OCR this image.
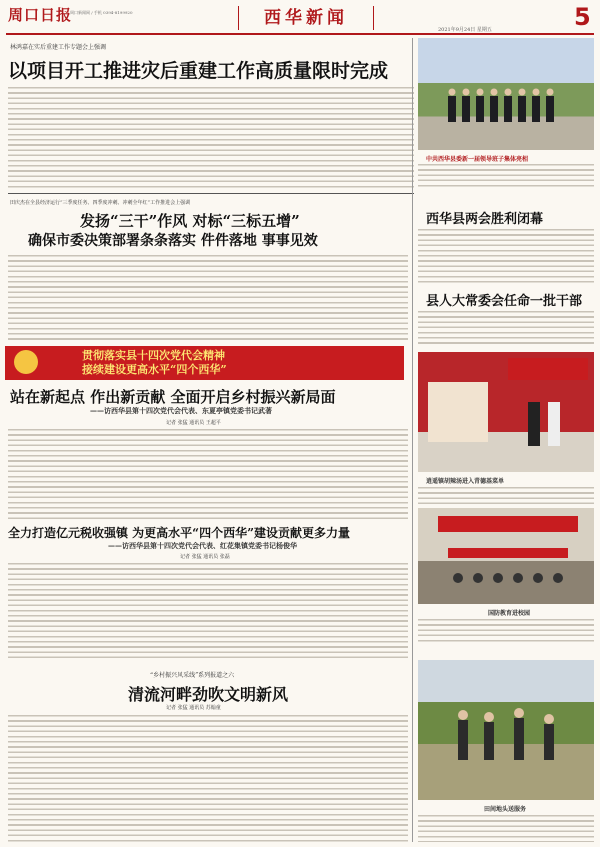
周口日报
周口新闻网 / 手机 0394-8199920	西华新闻	5
2021年9月24日 星期五
林鸿嘉在实后重建工作专题会上强调
以项目开工推进灾后重建工作高质量限时完成
中共西华县委新一届领导班子集体亮相
田庆杰在全县经济运行“三季度任务、四季度冲刺、冲刺全年红”工作推进会上强调
发扬“三干”作风 对标“三标五增”
确保市委决策部署条条落实 件件落地 事事见效
西华县两会胜利闭幕
县人大常委会任命一批干部
贯彻落实县十四次党代会精神
接续建设更高水平“四个西华”
站在新起点 作出新贡献 全面开启乡村振兴新局面
——访西华县第十四次党代会代表、东夏亭镇党委书记武著
记者 张猛 通讯员 王超平
全力打造亿元税收强镇 为更高水平“四个西华”建设贡献更多力量
——访西华县第十四次党代会代表、红花集镇党委书记杨俊华
记者 张猛 通讯员 张磊
逍遥镇胡辣汤进入青德基菜单
国防教育进校园
“乡村振兴风采线”系列报道之六
清流河畔劲吹文明新风
记者 张猛 通讯员 苏翰童
田间地头送服务
